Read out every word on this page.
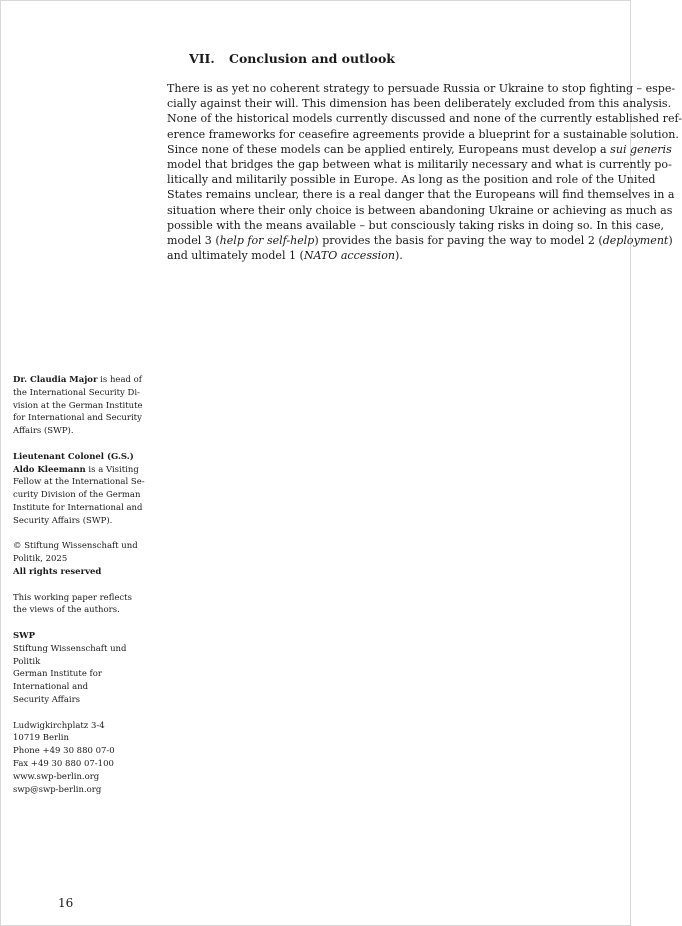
VII. Conclusion and outlook
There is as yet no coherent strategy to persuade Russia or Ukraine to stop fighting – espe-
cially against their will. This dimension has been deliberately excluded from this analysis.
None of the historical models currently discussed and none of the currently established ref-
erence frameworks for ceasefire agreements provide a blueprint for a sustainable solution.
Since none of these models can be applied entirely, Europeans must develop a sui generis
model that bridges the gap between what is militarily necessary and what is currently po-
litically and militarily possible in Europe. As long as the position and role of the United
States remains unclear, there is a real danger that the Europeans will find themselves in a
situation where their only choice is between abandoning Ukraine or achieving as much as
possible with the means available – but consciously taking risks in doing so. In this case,
model 3 (help for self-help) provides the basis for paving the way to model 2 (deployment)
and ultimately model 1 (NATO accession).
Dr. Claudia Major is head of
the International Security Di-
vision at the German Institute
for International and Security
Affairs (SWP).
Lieutenant Colonel (G.S.)
Aldo Kleemann is a Visiting
Fellow at the International Se-
curity Division of the German
Institute for International and
Security Affairs (SWP).
© Stiftung Wissenschaft und
Politik, 2025
All rights reserved
This working paper reflects
the views of the authors.
SWP
Stiftung Wissenschaft und
Politik
German Institute for
International and
Security Affairs
Ludwigkirchplatz 3-4
10719 Berlin
Phone +49 30 880 07-0
Fax +49 30 880 07-100
www.swp-berlin.org
swp@swp-berlin.org
16
